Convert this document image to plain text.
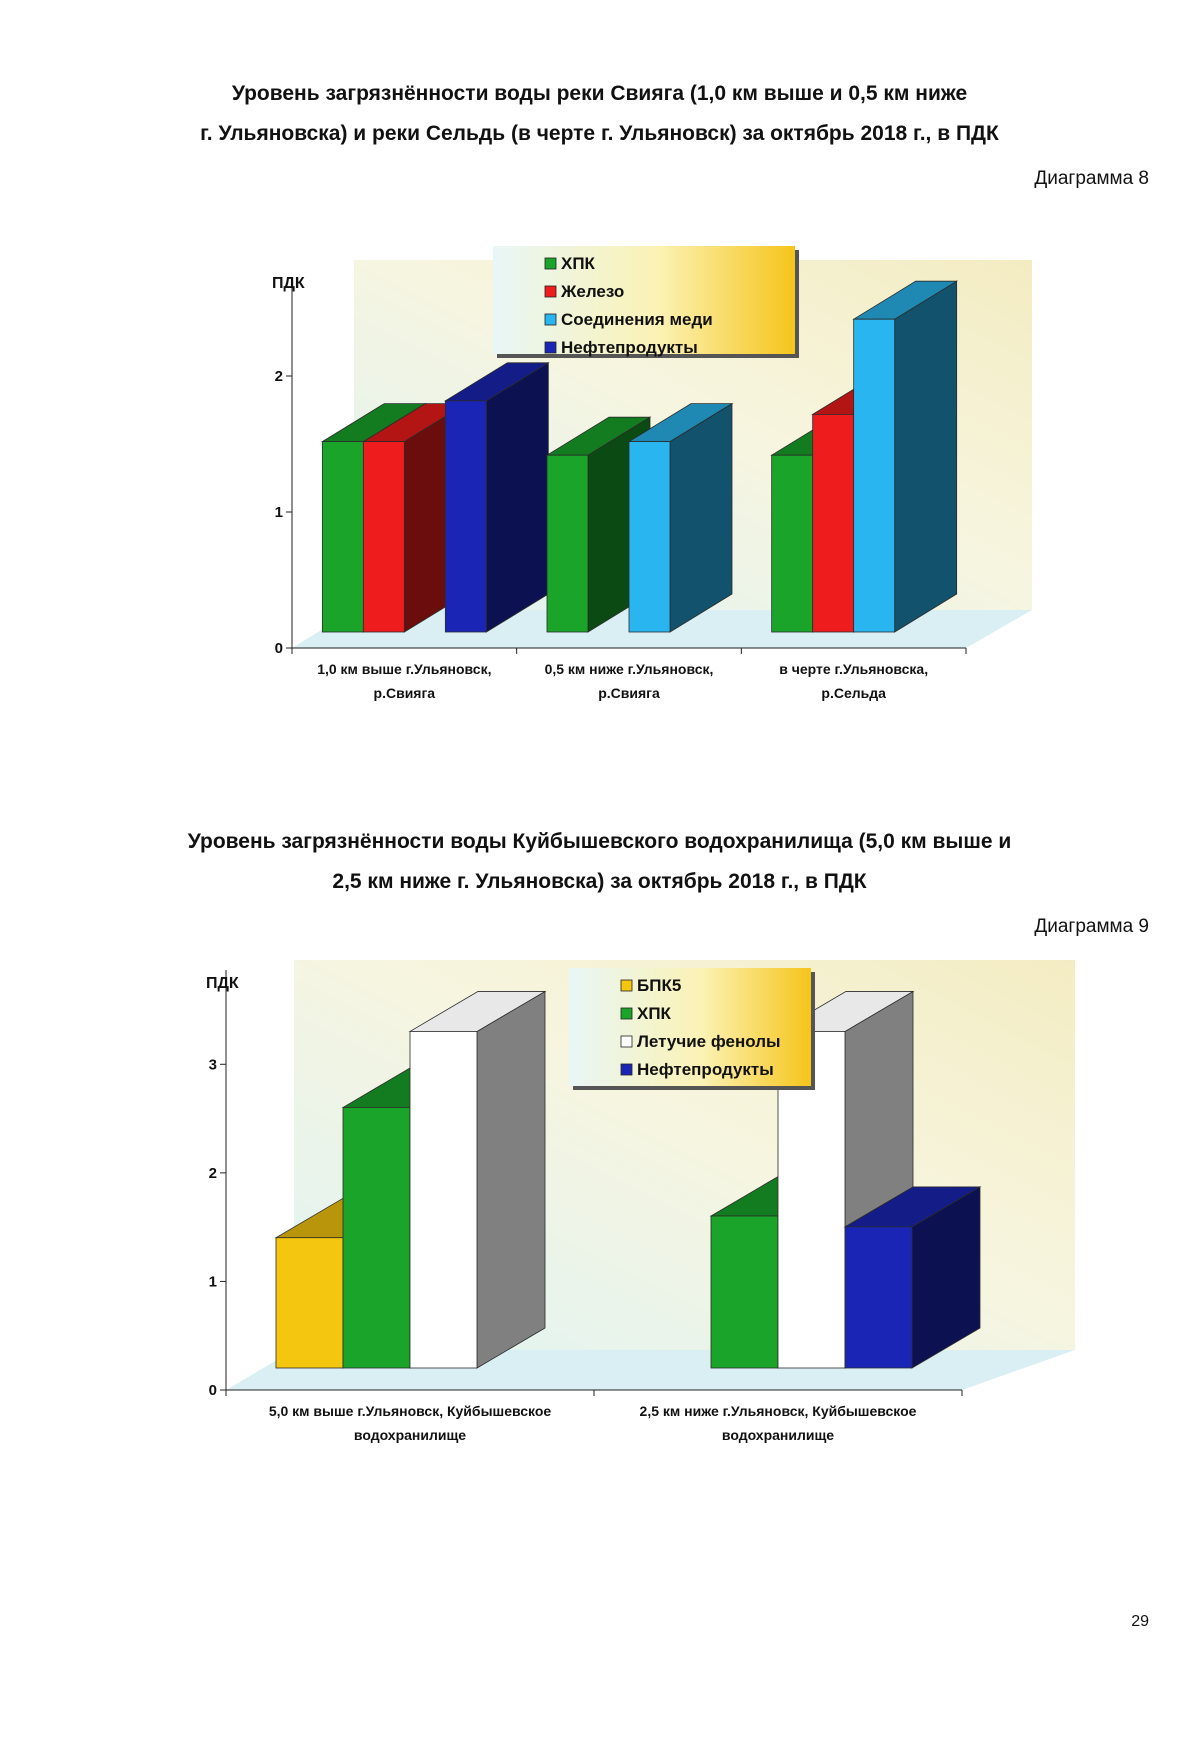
Уровень загрязнённости воды реки Свияга (1,0 км выше и 0,5 км ниже
г. Ульяновска) и реки Сельдь (в черте г. Ульяновск) за октябрь 2018 г., в ПДК
Диаграмма 8
ПДК
0
1
2
1,0 км выше г.Ульяновск,
р.Свияга
0,5 км ниже г.Ульяновск,
р.Свияга
в черте г.Ульяновска,
р.Сельда
ХПК
Железо
Соединения меди
Нефтепродукты
Уровень загрязнённости воды Куйбышевского водохранилища (5,0 км выше и
2,5 км ниже г. Ульяновска) за октябрь 2018 г., в ПДК
Диаграмма 9
ПДК
0
1
2
3
5,0 км выше г.Ульяновск, Куйбышевское
водохранилище
2,5 км ниже г.Ульяновск, Куйбышевское
водохранилище
БПК5
ХПК
Летучие фенолы
Нефтепродукты
29
